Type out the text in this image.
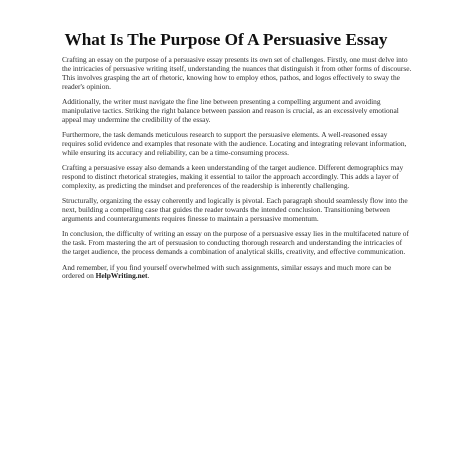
What Is The Purpose Of A Persuasive Essay

Crafting an essay on the purpose of a persuasive essay presents its own set of challenges. Firstly, one must delve into the intricacies of persuasive writing itself, understanding the nuances that distinguish it from other forms of discourse. This involves grasping the art of rhetoric, knowing how to employ ethos, pathos, and logos effectively to sway the reader's opinion.

Additionally, the writer must navigate the fine line between presenting a compelling argument and avoiding manipulative tactics. Striking the right balance between passion and reason is crucial, as an excessively emotional appeal may undermine the credibility of the essay.

Furthermore, the task demands meticulous research to support the persuasive elements. A well-reasoned essay requires solid evidence and examples that resonate with the audience. Locating and integrating relevant information, while ensuring its accuracy and reliability, can be a time-consuming process.

Crafting a persuasive essay also demands a keen understanding of the target audience. Different demographics may respond to distinct rhetorical strategies, making it essential to tailor the approach accordingly. This adds a layer of complexity, as predicting the mindset and preferences of the readership is inherently challenging.

Structurally, organizing the essay coherently and logically is pivotal. Each paragraph should seamlessly flow into the next, building a compelling case that guides the reader towards the intended conclusion. Transitioning between arguments and counterarguments requires finesse to maintain a persuasive momentum.

In conclusion, the difficulty of writing an essay on the purpose of a persuasive essay lies in the multifaceted nature of the task. From mastering the art of persuasion to conducting thorough research and understanding the intricacies of the target audience, the process demands a combination of analytical skills, creativity, and effective communication.

And remember, if you find yourself overwhelmed with such assignments, similar essays and much more can be ordered on HelpWriting.net.
